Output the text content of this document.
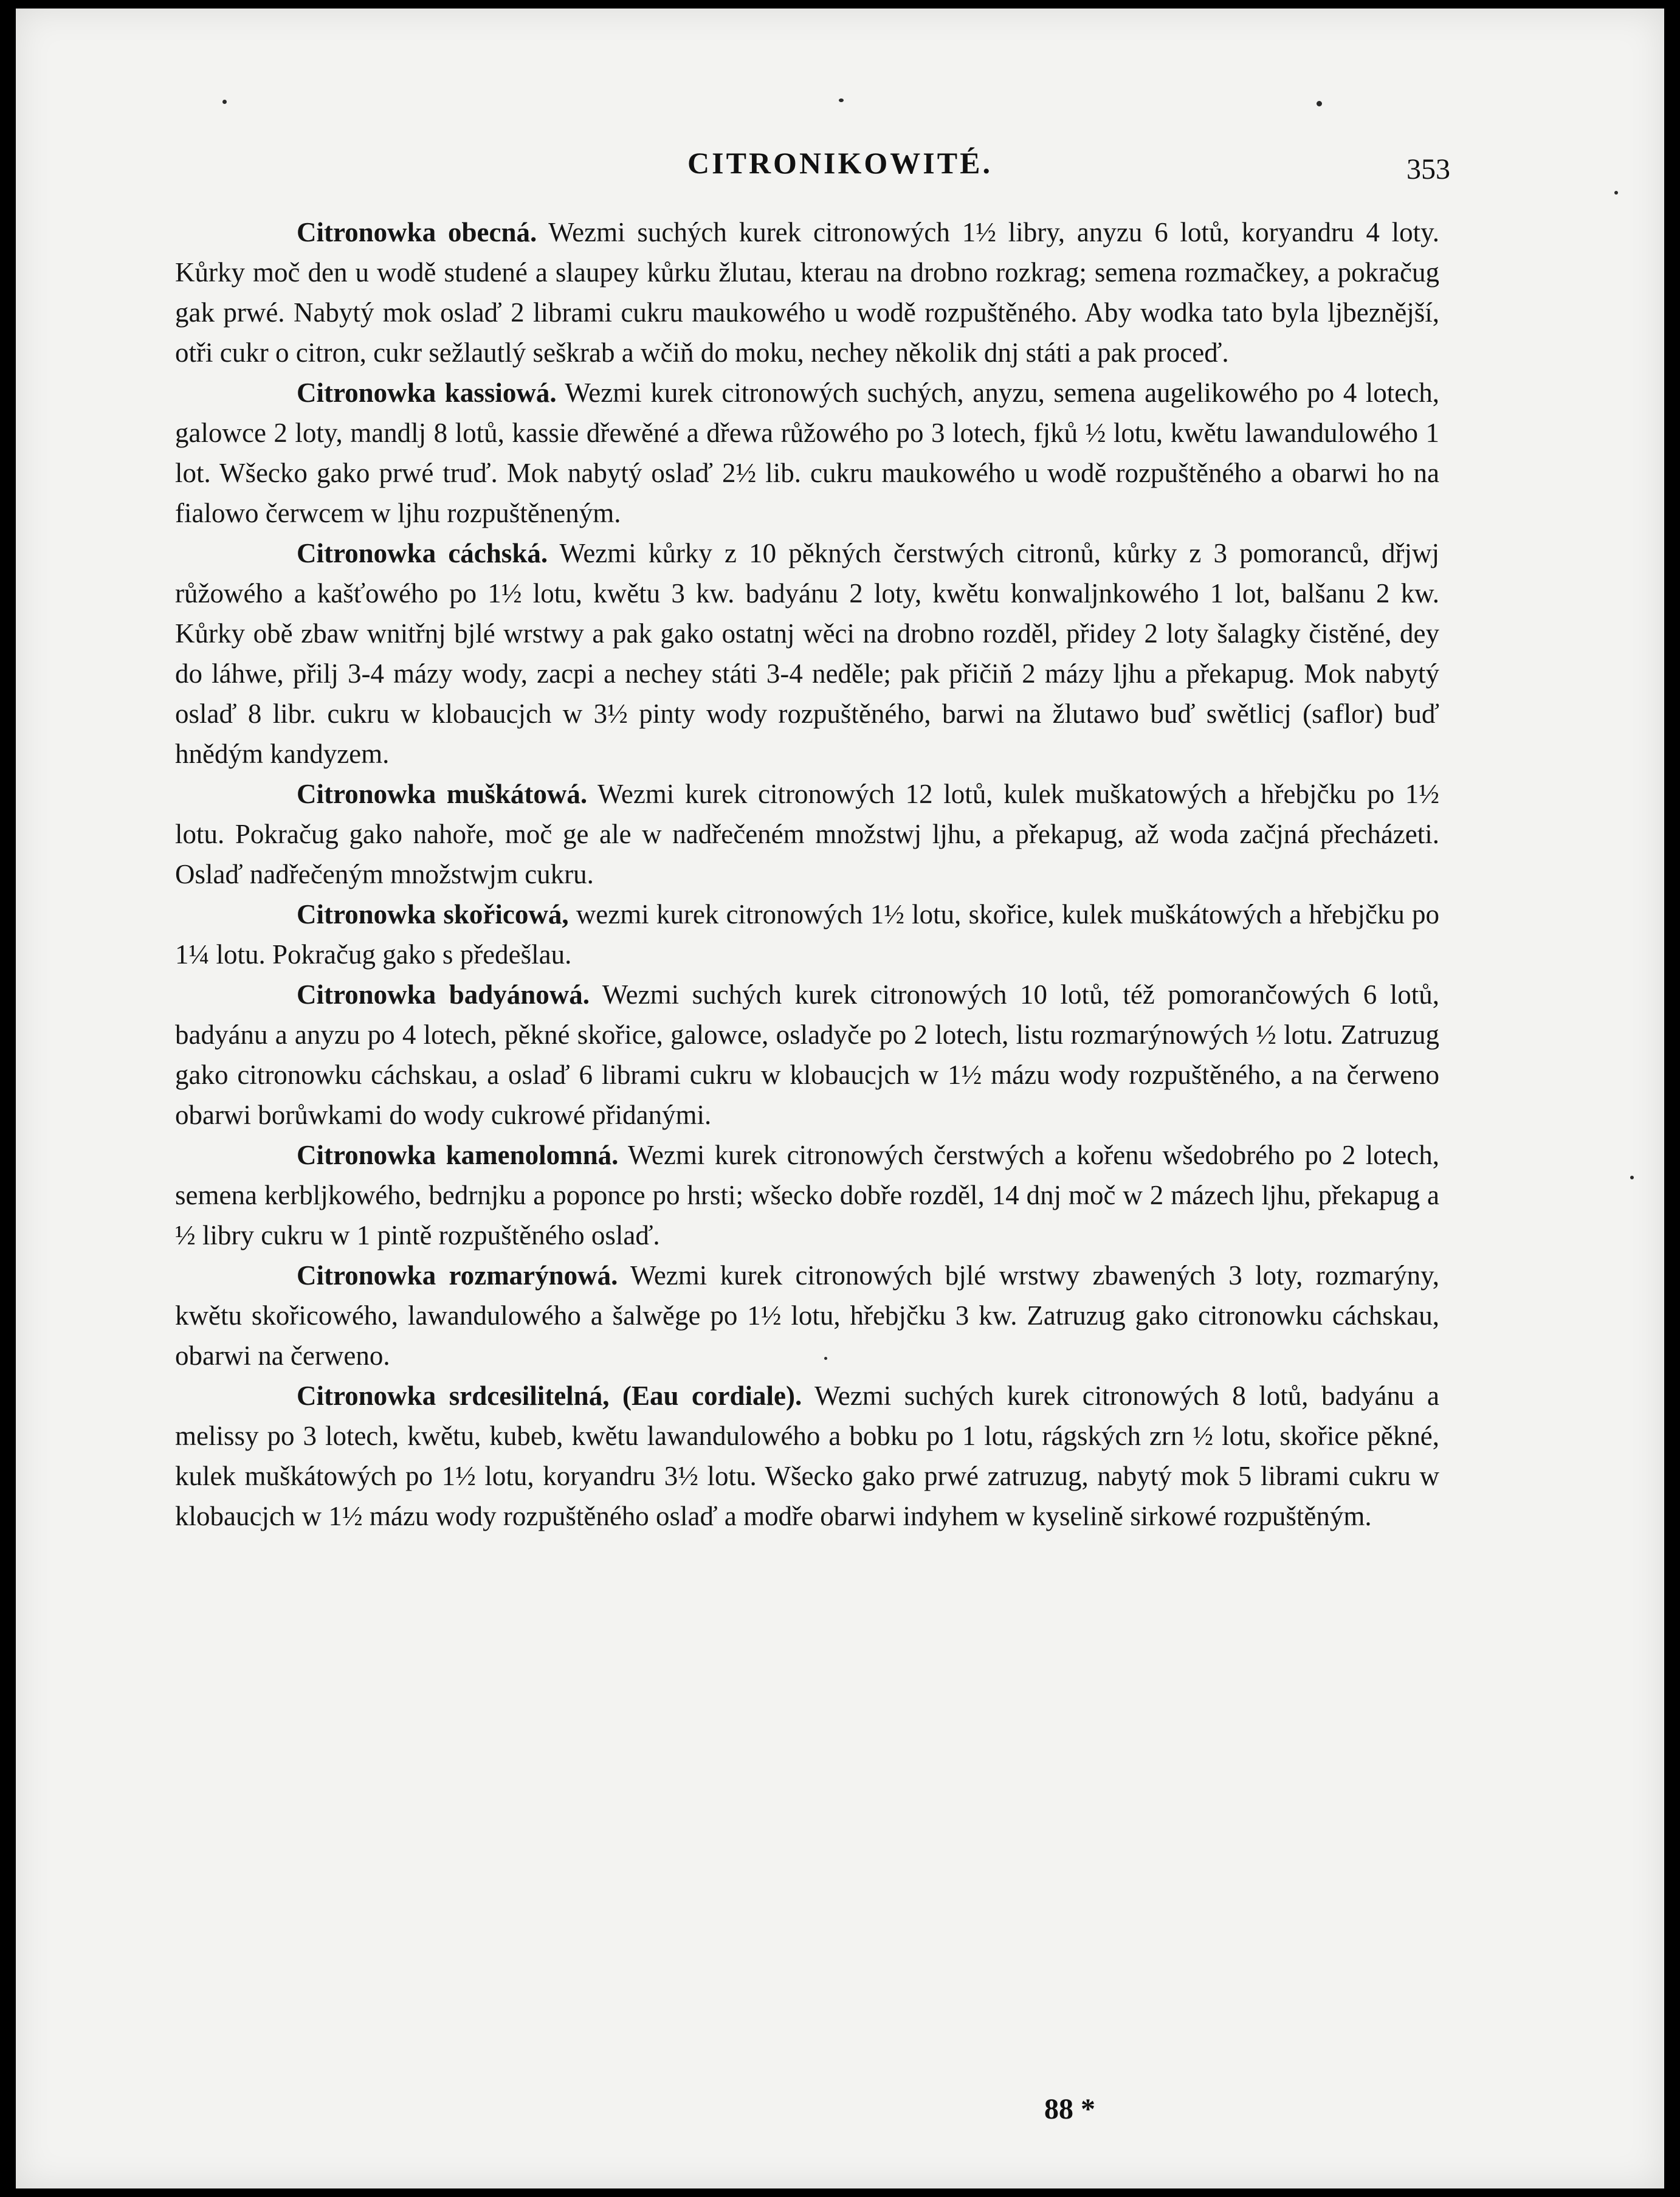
CITRONIKOWITÉ.	353

Citronowka obecná. Wezmi suchých kurek citronowých 1½ libry, anyzu 6 lotů, koryandru 4 loty. Kůrky moč den u wodě studené a slaupey kůrku žlutau, kterau na drobno rozkrag; semena rozmačkey, a pokračug gak prwé. Nabytý mok oslaď 2 librami cukru maukowého u wodě rozpuštěného. Aby wodka tato byla ljbeznější, otři cukr o citron, cukr sežlautlý seškrab a wčiň do moku, nechey několik dnj státi a pak proceď.

Citronowka kassiowá. Wezmi kurek citronowých suchých, anyzu, semena augelikowého po 4 lotech, galowce 2 loty, mandlj 8 lotů, kassie dřewěné a dřewa růžowého po 3 lotech, fjků ½ lotu, kwětu lawandulowého 1 lot. Wšecko gako prwé truď. Mok nabytý oslaď 2½ lib. cukru maukowého u wodě rozpuštěného a obarwi ho na fialowo čerwcem w ljhu rozpuštěneným.

Citronowka cáchská. Wezmi kůrky z 10 pěkných čerstwých citronů, kůrky z 3 pomoranců, dřjwj růžowého a kašťowého po 1½ lotu, kwětu 3 kw. badyánu 2 loty, kwětu konwaljnkowého 1 lot, balšanu 2 kw. Kůrky obě zbaw wnitřnj bjlé wrstwy a pak gako ostatnj wěci na drobno rozděl, přidey 2 loty šalagky čistěné, dey do láhwe, přilj 3-4 mázy wody, zacpi a nechey státi 3-4 neděle; pak přičiň 2 mázy ljhu a překapug. Mok nabytý oslaď 8 libr. cukru w klobaucjch w 3½ pinty wody rozpuštěného, barwi na žlutawo buď swětlicj (saflor) buď hnědým kandyzem.

Citronowka muškátowá. Wezmi kurek citronowých 12 lotů, kulek muškatowých a hřebjčku po 1½ lotu. Pokračug gako nahoře, moč ge ale w nadřečeném množstwj ljhu, a překapug, až woda začjná přecházeti. Oslaď nadřečeným množstwjm cukru.

Citronowka skořicowá, wezmi kurek citronowých 1½ lotu, skořice, kulek muškátowých a hřebjčku po 1¼ lotu. Pokračug gako s předešlau.

Citronowka badyánowá. Wezmi suchých kurek citronowých 10 lotů, též pomorančowých 6 lotů, badyánu a anyzu po 4 lotech, pěkné skořice, galowce, osladyče po 2 lotech, listu rozmarýnowých ½ lotu. Zatruzug gako citronowku cáchskau, a oslaď 6 librami cukru w klobaucjch w 1½ mázu wody rozpuštěného, a na čerweno obarwi borůwkami do wody cukrowé přidanými.

Citronowka kamenolomná. Wezmi kurek citronowých čerstwých a kořenu wšedobrého po 2 lotech, semena kerbljkowého, bedrnjku a poponce po hrsti; wšecko dobře rozděl, 14 dnj moč w 2 mázech ljhu, překapug a ½ libry cukru w 1 pintě rozpuštěného oslaď.

Citronowka rozmarýnowá. Wezmi kurek citronowých bjlé wrstwy zbawených 3 loty, rozmarýny, kwětu skořicowého, lawandulowého a šalwěge po 1½ lotu, hřebjčku 3 kw. Zatruzug gako citronowku cáchskau, obarwi na čerweno.

Citronowka srdcesilitelná, (Eau cordiale). Wezmi suchých kurek citronowých 8 lotů, badyánu a melissy po 3 lotech, kwětu, kubeb, kwětu lawandulowého a bobku po 1 lotu, rágských zrn ½ lotu, skořice pěkné, kulek muškátowých po 1½ lotu, koryandru 3½ lotu. Wšecko gako prwé zatruzug, nabytý mok 5 librami cukru w klobaucjch w 1½ mázu wody rozpuštěného oslaď a modře obarwi indyhem w kyselině sirkowé rozpuštěným.

88 *
